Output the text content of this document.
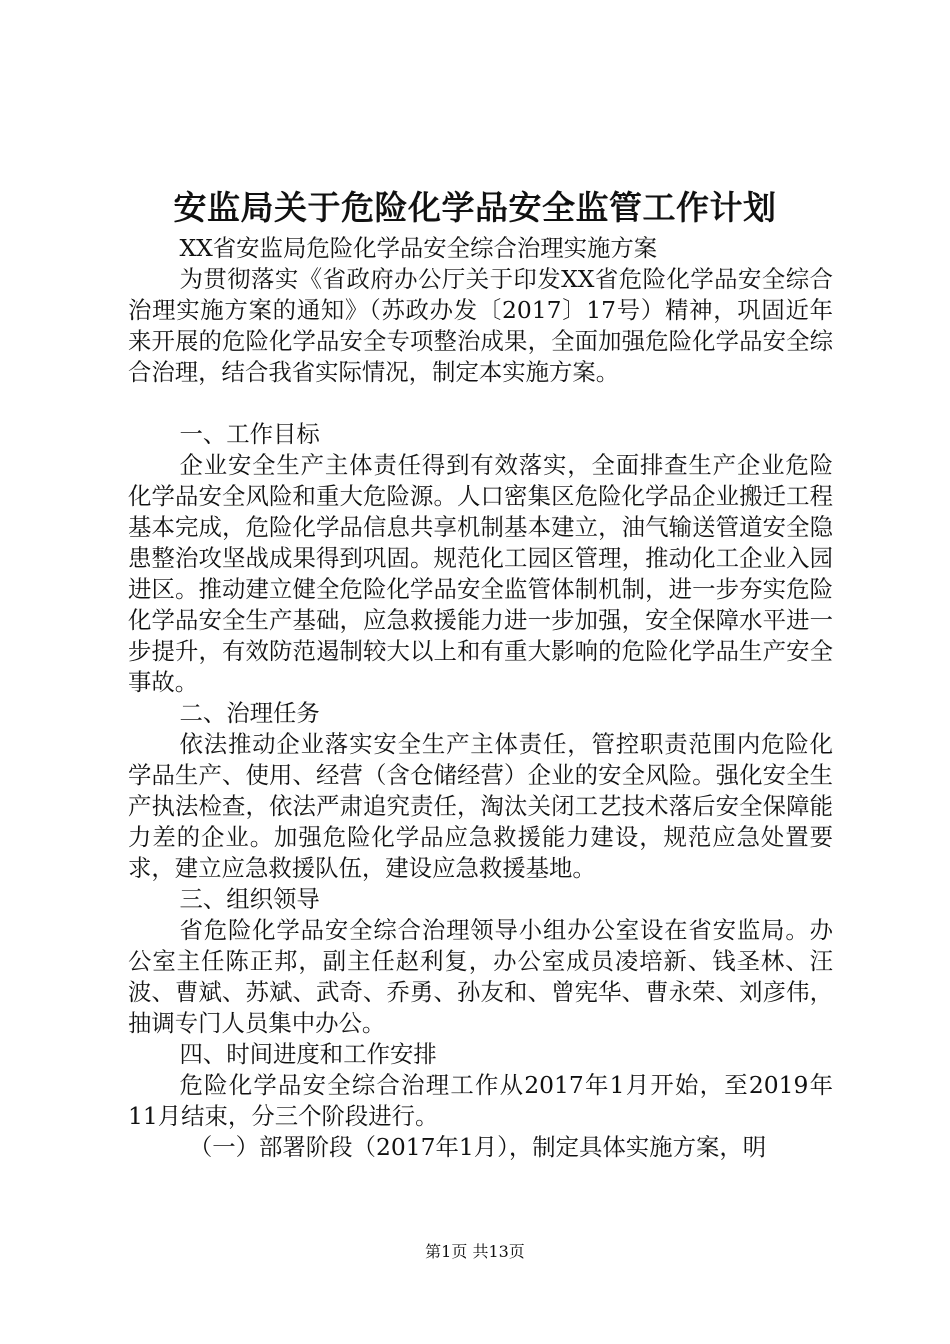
安监局关于危险化学品安全监管工作计划

XX省安监局危险化学品安全综合治理实施方案

为贯彻落实《省政府办公厅关于印发XX省危险化学品安全综合治理实施方案的通知》（苏政办发〔2017〕17号）精神，巩固近年来开展的危险化学品安全专项整治成果，全面加强危险化学品安全综合治理，结合我省实际情况，制定本实施方案。

一、工作目标

企业安全生产主体责任得到有效落实，全面排查生产企业危险化学品安全风险和重大危险源。人口密集区危险化学品企业搬迁工程基本完成，危险化学品信息共享机制基本建立，油气输送管道安全隐患整治攻坚战成果得到巩固。规范化工园区管理，推动化工企业入园进区。推动建立健全危险化学品安全监管体制机制，进一步夯实危险化学品安全生产基础，应急救援能力进一步加强，安全保障水平进一步提升，有效防范遏制较大以上和有重大影响的危险化学品生产安全事故。

二、治理任务

依法推动企业落实安全生产主体责任，管控职责范围内危险化学品生产、使用、经营（含仓储经营）企业的安全风险。强化安全生产执法检查，依法严肃追究责任，淘汰关闭工艺技术落后安全保障能力差的企业。加强危险化学品应急救援能力建设，规范应急处置要求，建立应急救援队伍，建设应急救援基地。

三、组织领导

省危险化学品安全综合治理领导小组办公室设在省安监局。办公室主任陈正邦，副主任赵利复，办公室成员凌培新、钱圣林、汪波、曹斌、苏斌、武奇、乔勇、孙友和、曾宪华、曹永荣、刘彦伟，抽调专门人员集中办公。

四、时间进度和工作安排

危险化学品安全综合治理工作从2017年1月开始，至2019年11月结束，分三个阶段进行。

（一）部署阶段（2017年1月），制定具体实施方案，明

第1页 共13页
